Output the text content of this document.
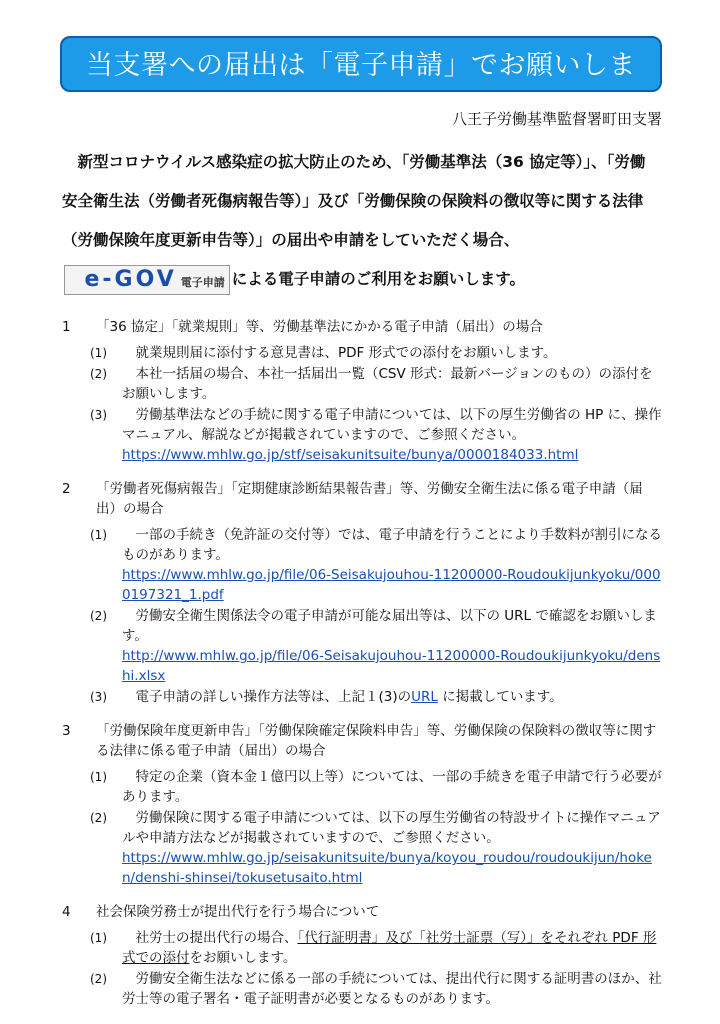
当支署への届出は「電子申請」でお願いします。	八王子労働基準監督署町田支署
新型コロナウイルス感染症の拡大防止のため、「労働基準法（36 協定等）」、「労働安全衛生法（労働者死傷病報告等）」及び「労働保険の保険料の徴収等に関する法律（労働保険年度更新申告等）」の届出や申請をしていただく場合、e-GOV 電子申請 による電子申請のご利用をお願いします。
1	「36 協定」「就業規則」等、労働基準法にかかる電子申請（届出）の場合
(1)	就業規則届に添付する意見書は、PDF 形式での添付をお願いします。
(2)	本社一括届の場合、本社一括届出一覧（CSV 形式：最新バージョンのもの）の添付をお願いします。
(3)	労働基準法などの手続に関する電子申請については、以下の厚生労働省の HP に、操作マニュアル、解説などが掲載されていますので、ご参照ください。
https://www.mhlw.go.jp/stf/seisakunitsuite/bunya/0000184033.html
2	「労働者死傷病報告」「定期健康診断結果報告書」等、労働安全衛生法に係る電子申請（届出）の場合
(1)	一部の手続き（免許証の交付等）では、電子申請を行うことにより手数料が割引になるものがあります。
https://www.mhlw.go.jp/file/06-Seisakujouhou-11200000-Roudoukijunkyoku/0000197321_1.pdf
(2)	労働安全衛生関係法令の電子申請が可能な届出等は、以下の URL で確認をお願いします。
http://www.mhlw.go.jp/file/06-Seisakujouhou-11200000-Roudoukijunkyoku/denshi.xlsx
(3)	電子申請の詳しい操作方法等は、上記１(3)のURL に掲載しています。
3	「労働保険年度更新申告」「労働保険確定保険料申告」等、労働保険の保険料の徴収等に関する法律に係る電子申請（届出）の場合
(1)	特定の企業（資本金１億円以上等）については、一部の手続きを電子申請で行う必要があります。
(2)	労働保険に関する電子申請については、以下の厚生労働省の特設サイトに操作マニュアルや申請方法などが掲載されていますので、ご参照ください。
https://www.mhlw.go.jp/seisakunitsuite/bunya/koyou_roudou/roudoukijun/hoken/denshi-shinsei/tokusetusaito.html
4	社会保険労務士が提出代行を行う場合について
(1)	社労士の提出代行の場合、「代行証明書」及び「社労士証票（写）」をそれぞれ PDF 形式での添付をお願いします。
(2)	労働安全衛生法などに係る一部の手続については、提出代行に関する証明書のほか、社労士等の電子署名・電子証明書が必要となるものがあります。
